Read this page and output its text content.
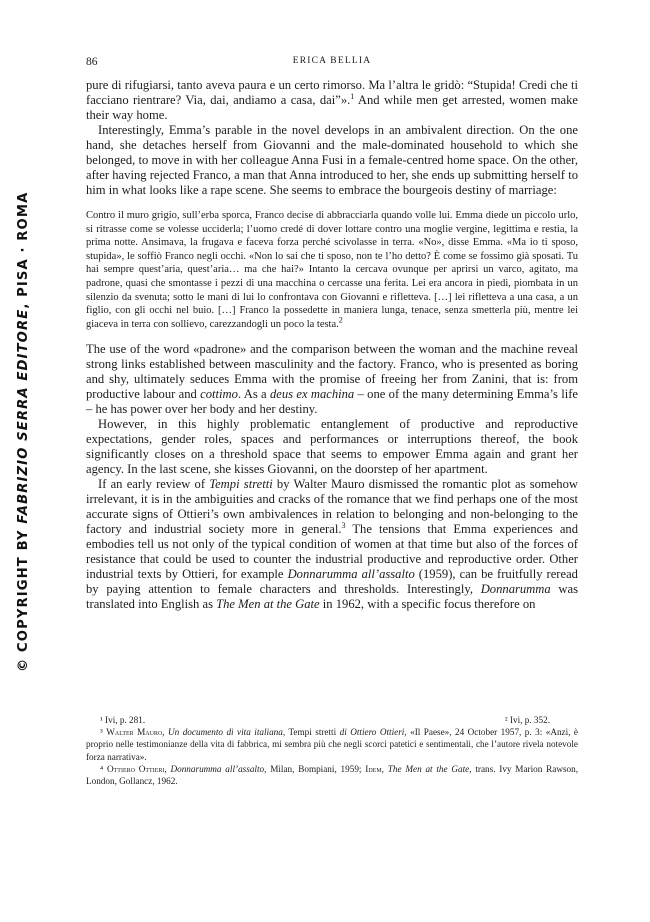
© COPYRIGHT BY FABRIZIO SERRA EDITORE, PISA · ROMA
86	ERICA BELLIA

pure di rifugiarsi, tanto aveva paura e un certo rimorso. Ma l’altra le gridò: “Stupida! Credi che ti facciano rientrare? Via, dai, andiamo a casa, dai”».$^1$ And while men get arrested, women make their way home.

Interestingly, Emma’s parable in the novel develops in an ambivalent direction. On the one hand, she detaches herself from Giovanni and the male-dominated household to which she belonged, to move in with her colleague Anna Fusi in a female-centred home space. On the other, after having rejected Franco, a man that Anna introduced to her, she ends up submitting herself to him in what looks like a rape scene. She seems to embrace the bourgeois destiny of marriage:

Contro il muro grigio, sull’erba sporca, Franco decise di abbracciarla quando volle lui. Emma diede un piccolo urlo, si ritrasse come se volesse ucciderla; l’uomo credé di dover lottare contro una moglie vergine, legittima e restia, la prima notte. Ansimava, la frugava e faceva forza perché scivolasse in terra. «No», disse Emma. «Ma io ti sposo, stupida», le soffiò Franco negli occhi. «Non lo sai che ti sposo, non te l’ho detto? È come se fossimo già sposati. Tu hai sempre quest’aria, quest’aria… ma che hai?» Intanto la cercava ovunque per aprirsi un varco, agitato, ma padrone, quasi che smontasse i pezzi di una macchina o cercasse una ferita. Lei era ancora in piedi, piombata in un silenzio da svenuta; sotto le mani di lui lo confrontava con Giovanni e rifletteva. […] lei rifletteva a una casa, a un figlio, con gli occhi nel buio. […] Franco la possedette in maniera lunga, tenace, senza smetterla più, mentre lei giaceva in terra con sollievo, carezzandogli un poco la testa.$^2$

The use of the word «padrone» and the comparison between the woman and the machine reveal strong links established between masculinity and the factory. Franco, who is presented as boring and shy, ultimately seduces Emma with the promise of freeing her from Zanini, that is: from productive labour and cottimo. As a deus ex machina – one of the many determining Emma’s life – he has power over her body and her destiny.

However, in this highly problematic entanglement of productive and reproductive expectations, gender roles, spaces and performances or interruptions thereof, the book significantly closes on a threshold space that seems to empower Emma again and grant her agency. In the last scene, she kisses Giovanni, on the doorstep of her apartment.

If an early review of Tempi stretti by Walter Mauro dismissed the romantic plot as somehow irrelevant, it is in the ambiguities and cracks of the romance that we find perhaps one of the most accurate signs of Ottieri’s own ambivalences in relation to belonging and non-belonging to the factory and industrial society more in general.$^3$ The tensions that Emma experiences and embodies tell us not only of the typical condition of women at that time but also of the forces of resistance that could be used to counter the industrial productive and reproductive order. Other industrial texts by Ottieri, for example Donnarumma all’assalto (1959), can be fruitfully reread by paying attention to female characters and thresholds. Interestingly, Donnarumma was translated into English as The Men at the Gate in 1962, with a specific focus therefore on

¹ Ivi, p. 281.	² Ivi, p. 352.

³ Walter Mauro, Un documento di vita italiana, Tempi stretti di Ottiero Ottieri, «Il Paese», 24 October 1957, p. 3: «Anzi, è proprio nelle testimonianze della vita di fabbrica, mi sembra più che negli scorci patetici e sentimentali, che l’autore rivela notevole forza narrativa».

⁴ Ottiero Ottieri, Donnarumma all’assalto, Milan, Bompiani, 1959; Idem, The Men at the Gate, trans. Ivy Marion Rawson, London, Gollancz, 1962.
